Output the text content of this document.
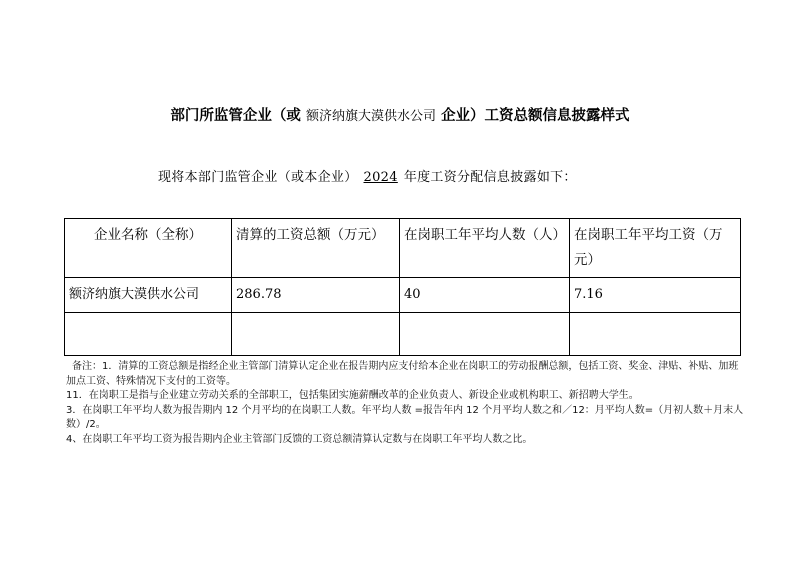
部门所监管企业（或 额济纳旗大漠供水公司 企业）工资总额信息披露样式
现将本部门监管企业（或本企业） 2024 年度工资分配信息披露如下：
企业名称（全称）	清算的工资总额（万元）	在岗职工年平均人数（人）	在岗职工年平均工资（万元）
额济纳旗大漠供水公司	286.78	40	7.16

备注：1．清算的工资总额是指经企业主管部门清算认定企业在报告期内应支付给本企业在岗职工的劳动报酬总额，包括工资、奖金、津贴、补贴、加班加点工资、特殊情况下支付的工资等。

11．在岗职工是指与企业建立劳动关系的全部职工，包括集团实施薪酬改革的企业负责人、新设企业或机构职工、新招聘大学生。

3．在岗职工年平均人数为报告期内 12 个月平均的在岗职工人数。年平均人数 =报告年内 12 个月平均人数之和／12：月平均人数=（月初人数＋月末人数）/2。

4、在岗职工年平均工资为报告期内企业主管部门反馈的工资总额清算认定数与在岗职工年平均人数之比。
